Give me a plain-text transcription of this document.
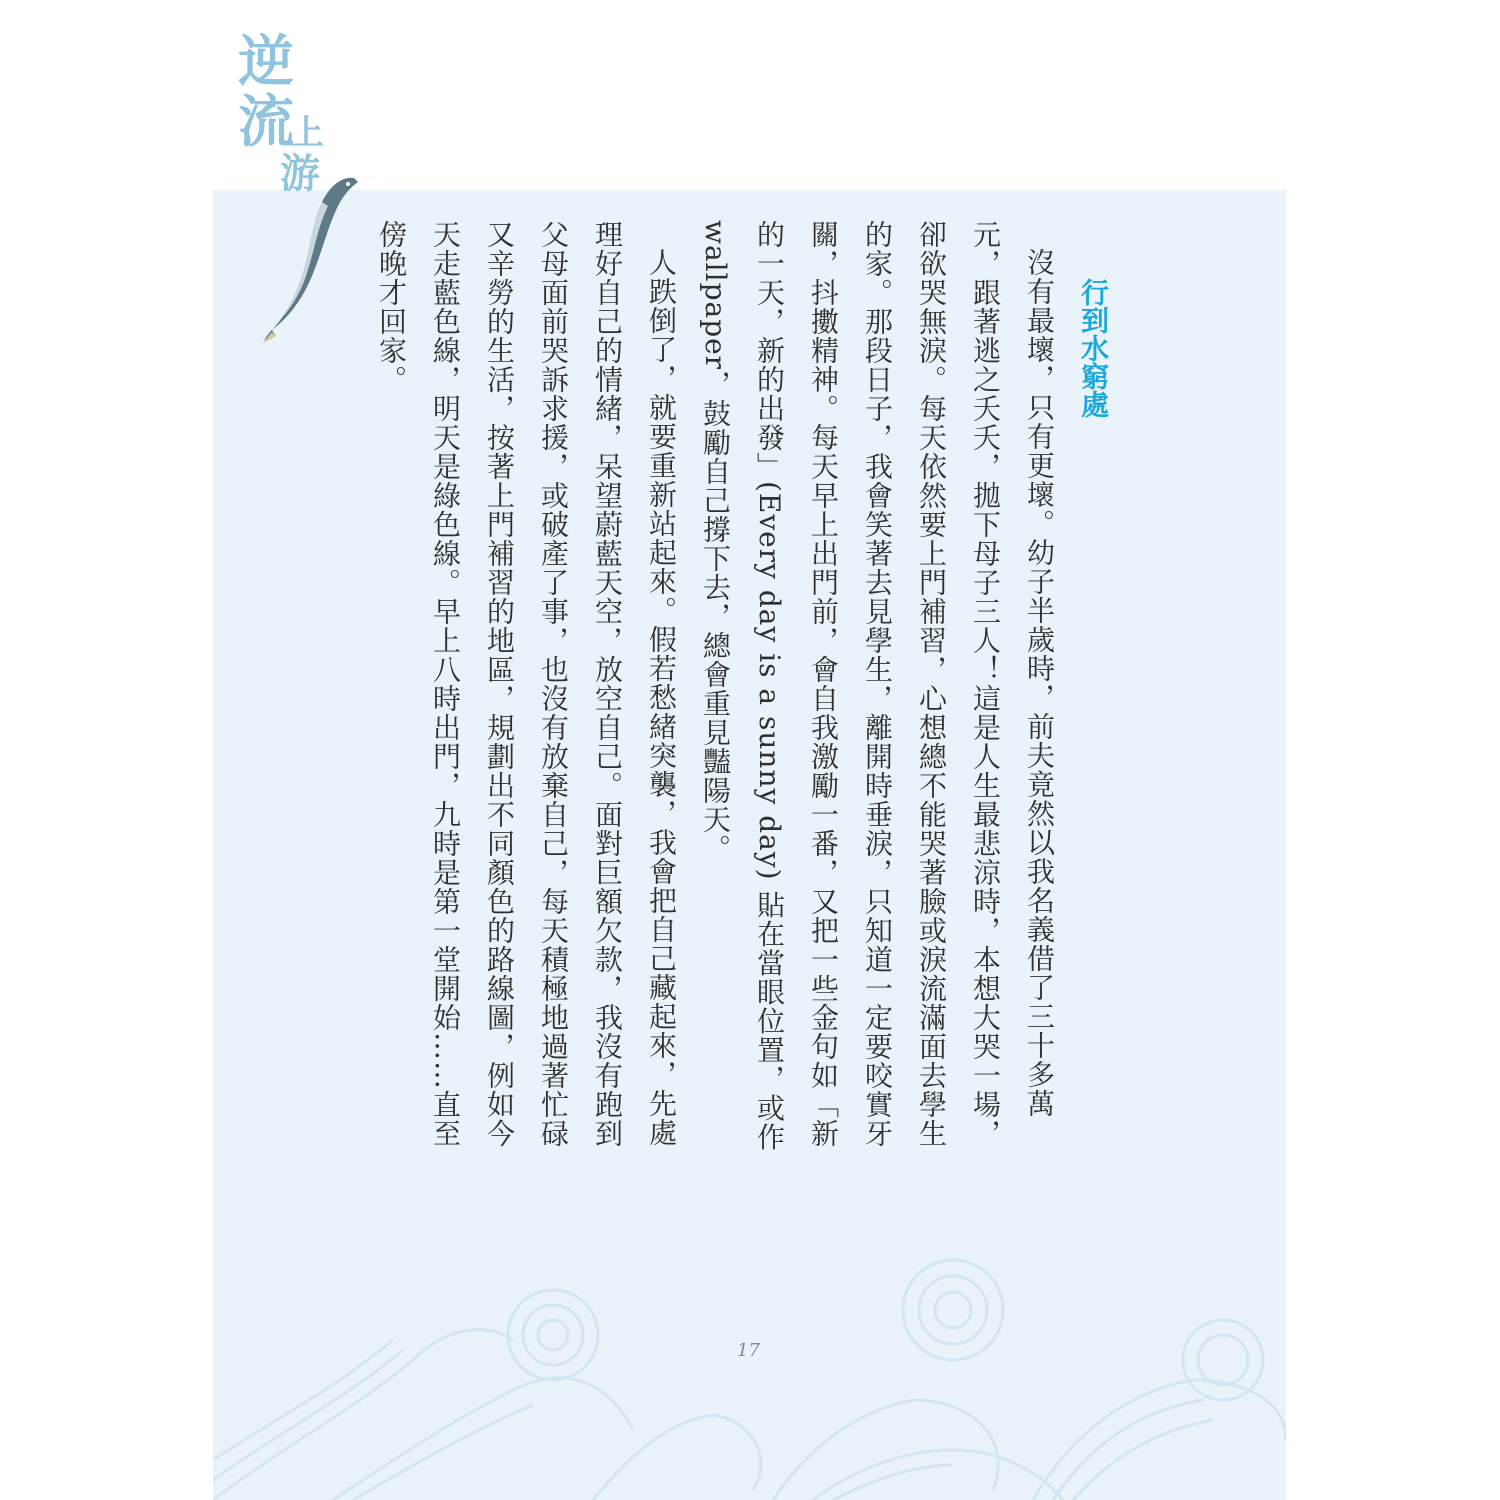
逆
流
上
游

行到水窮處

沒有最壞，只有更壞。幼子半歲時，前夫竟然以我名義借了三十多萬元，跟著逃之夭夭，拋下母子三人！這是人生最悲涼時，本想大哭一場，卻欲哭無淚。每天依然要上門補習，心想總不能哭著臉或淚流滿面去學生的家。那段日子，我會笑著去見學生，離開時垂淚，只知道一定要咬實牙關，抖擻精神。每天早上出門前，會自我激勵一番，又把一些金句如「新的一天，新的出發」(Every day is a sunny day) 貼在當眼位置，或作 wallpaper，鼓勵自己撐下去，總會重見豔陽天。

人跌倒了，就要重新站起來。假若愁緒突襲，我會把自己藏起來，先處理好自己的情緒，呆望蔚藍天空，放空自己。面對巨額欠款，我沒有跑到父母面前哭訴求援，或破產了事，也沒有放棄自己，每天積極地過著忙碌又辛勞的生活，按著上門補習的地區，規劃出不同顏色的路線圖，例如今天走藍色線，明天是綠色線。早上八時出門，九時是第一堂開始……直至傍晚才回家。

17
